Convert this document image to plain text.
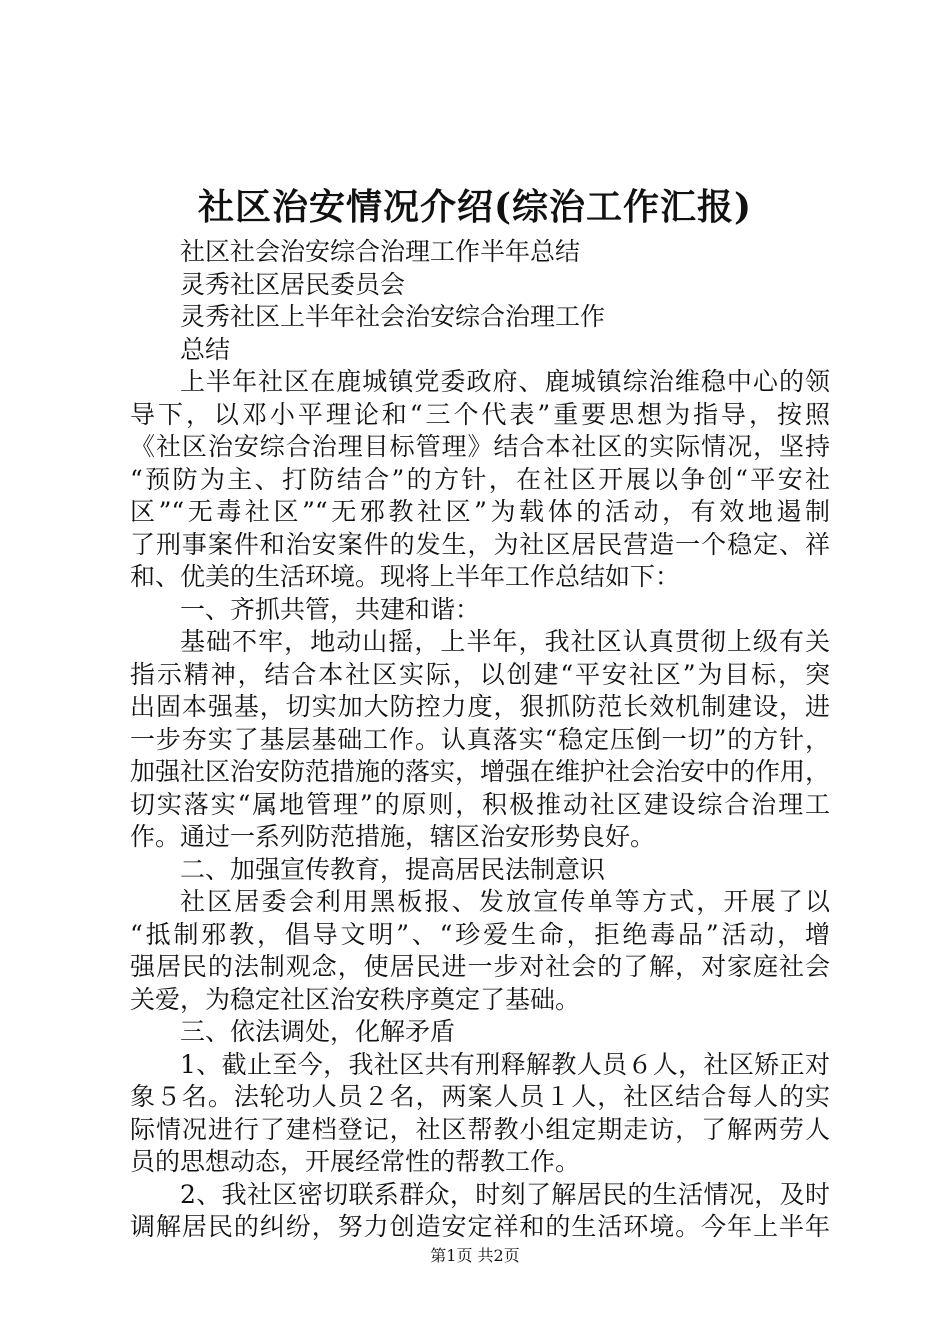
社区治安情况介绍(综治工作汇报)
社区社会治安综合治理工作半年总结
灵秀社区居民委员会
灵秀社区上半年社会治安综合治理工作
总结
上半年社区在鹿城镇党委政府、鹿城镇综治维稳中心的领
导下，以邓小平理论和“三个代表”重要思想为指导，按照
《社区治安综合治理目标管理》结合本社区的实际情况，坚持
“预防为主、打防结合”的方针，在社区开展以争创“平安社
区”“无毒社区”“无邪教社区”为载体的活动，有效地遏制
了刑事案件和治安案件的发生，为社区居民营造一个稳定、祥
和、优美的生活环境。现将上半年工作总结如下：
一、齐抓共管，共建和谐：
基础不牢，地动山摇，上半年，我社区认真贯彻上级有关
指示精神，结合本社区实际，以创建“平安社区”为目标，突
出固本强基，切实加大防控力度，狠抓防范长效机制建设，进
一步夯实了基层基础工作。认真落实“稳定压倒一切”的方针，
加强社区治安防范措施的落实，增强在维护社会治安中的作用，
切实落实“属地管理”的原则，积极推动社区建设综合治理工
作。通过一系列防范措施，辖区治安形势良好。
二、加强宣传教育，提高居民法制意识
社区居委会利用黑板报、发放宣传单等方式，开展了以
“抵制邪教，倡导文明”、“珍爱生命，拒绝毒品”活动，增
强居民的法制观念，使居民进一步对社会的了解，对家庭社会
关爱，为稳定社区治安秩序奠定了基础。
三、依法调处，化解矛盾
1、截止至今，我社区共有刑释解教人员６人，社区矫正对
象５名。法轮功人员２名，两案人员１人，社区结合每人的实
际情况进行了建档登记，社区帮教小组定期走访，了解两劳人
员的思想动态，开展经常性的帮教工作。
2、我社区密切联系群众，时刻了解居民的生活情况，及时
调解居民的纠纷，努力创造安定祥和的生活环境。今年上半年
第1页 共2页
